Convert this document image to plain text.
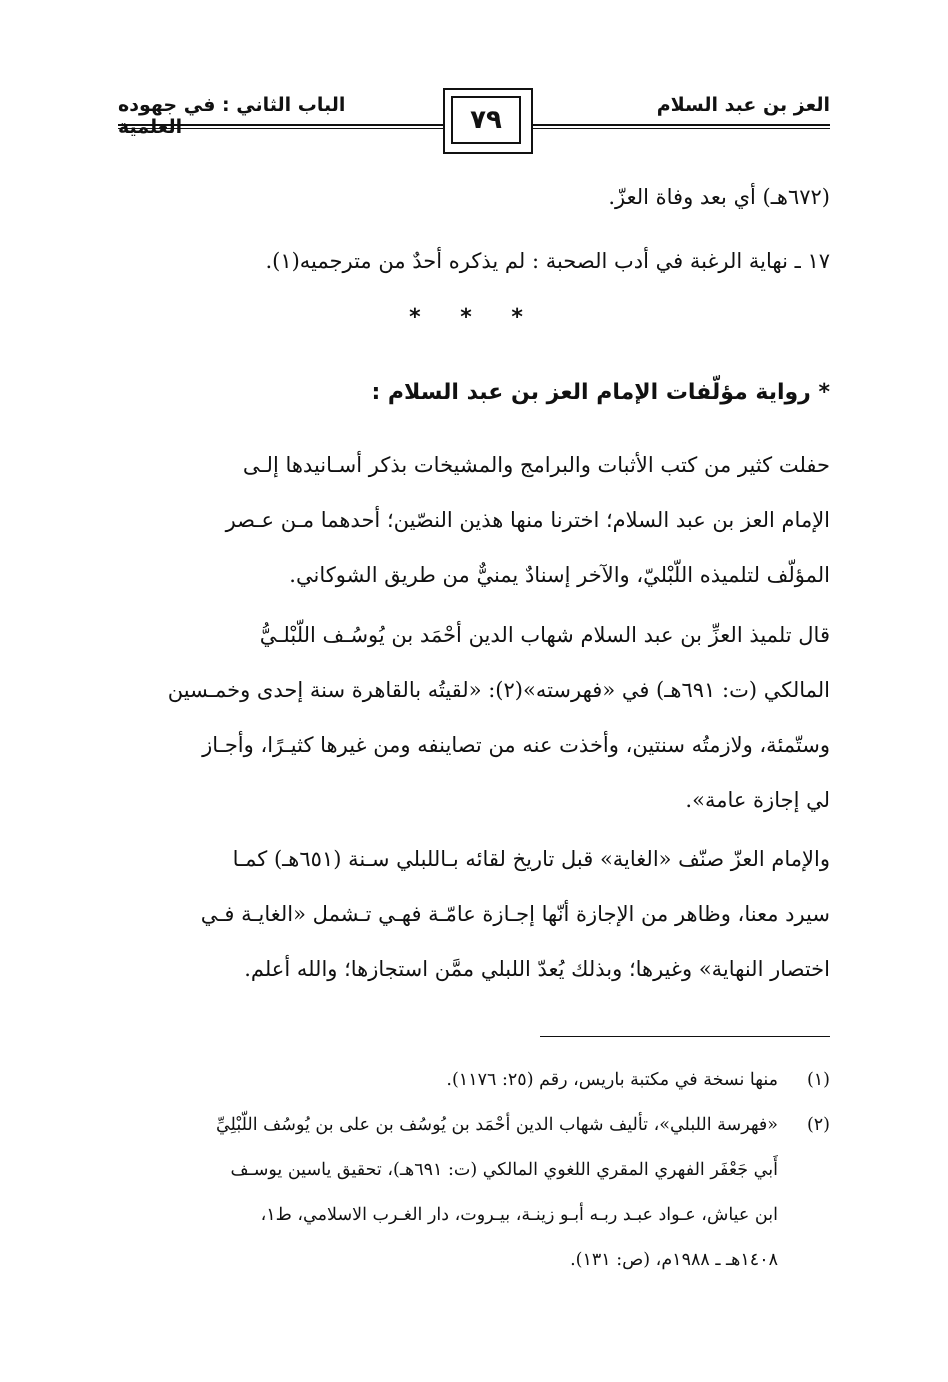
العز بن عبد السلام
الباب الثاني : في جهوده العلمية	٧٩
(٦٧٢هـ) أي بعد وفاة العزّ.
١٧ ـ نهاية الرغبة في أدب الصحبة : لم يذكره أحدٌ من مترجميه(١).
* * *
* رواية مؤلّفات الإمام العز بن عبد السلام :
حفلت كثير من كتب الأثبات والبرامج والمشيخات بذكر أسـانيدها إلـى
الإمام العز بن عبد السلام؛ اخترنا منها هذين النصّين؛ أحدهما مـن عـصر
المؤلّف لتلميذه اللّبْليّ، والآخر إسنادٌ يمنيٌّ من طريق الشوكاني.
قال تلميذ العزِّ بن عبد السلام شهاب الدين أحْمَد بن يُوسُـف اللّبْلـيُّ
المالكي (ت: ٦٩١هـ) في «فهرسته»(٢): «لقيتُه بالقاهرة سنة إحدى وخمـسين
وستّمئة، ولازمتُه سنتين، وأخذت عنه من تصاينفه ومن غيرها كثيـرًا، وأجـاز
لي إجازة عامة».
والإمام العزّ صنّف «الغاية» قبل تاريخ لقائه بـاللبلي سـنة (٦٥١هـ) كمـا
سيرد معنا، وظاهر من الإجازة أنّها إجـازة عامّـة فهـي تـشمل «الغايـة فـي
اختصار النهاية» وغيرها؛ وبذلك يُعدّ اللبلي ممَّن استجازها؛ والله أعلم.
(١)
منها نسخة في مكتبة باريس، رقم (٢٥: ١١٧٦).
(٢)
«فهرسة اللبلي»، تأليف شهاب الدين أحْمَد بن يُوسُف بن على بن يُوسُف اللّبْلِيِّ
أَبي جَعْفَر الفهري المقري اللغوي المالكي (ت: ٦٩١هـ)، تحقيق ياسين يوسـف
ابن عياش، عـواد عبـد ربـه أبـو زينـة، بيـروت، دار الغـرب الاسلامي، ط١،
١٤٠٨هـ ـ ١٩٨٨م، (ص: ١٣١).
